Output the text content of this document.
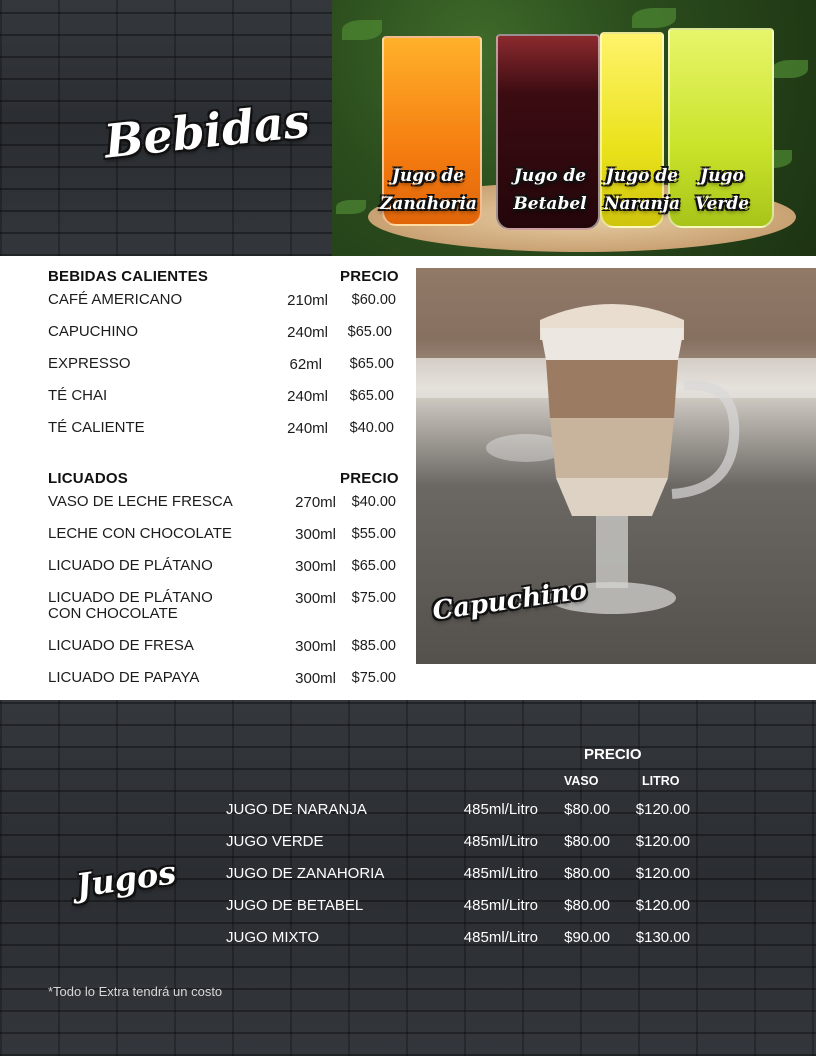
Bebidas
Jugo de
Zanahoria
Jugo de
Betabel
Jugo de
Naranja
Jugo
Verde
BEBIDAS CALIENTES	PRECIO
CAFÉ AMERICANO	210ml	$60.00
CAPUCHINO	240ml	$65.00
EXPRESSO	62ml	$65.00
TÉ CHAI	240ml	$65.00
TÉ CALIENTE	240ml	$40.00
LICUADOS	PRECIO
VASO DE LECHE FRESCA	270ml	$40.00
LECHE CON CHOCOLATE	300ml	$55.00
LICUADO DE PLÁTANO	300ml	$65.00
LICUADO DE PLÁTANO
CON CHOCOLATE
300ml	$75.00
LICUADO DE FRESA	300ml	$85.00
LICUADO DE PAPAYA	300ml	$75.00
Capuchino
Jugos
PRECIO
VASO	LITRO
JUGO DE NARANJA	485ml/Litro	$80.00	$120.00
JUGO VERDE	485ml/Litro	$80.00	$120.00
JUGO DE ZANAHORIA	485ml/Litro	$80.00	$120.00
JUGO DE BETABEL	485ml/Litro	$80.00	$120.00
JUGO MIXTO	485ml/Litro	$90.00	$130.00
*Todo lo Extra tendrá un costo
